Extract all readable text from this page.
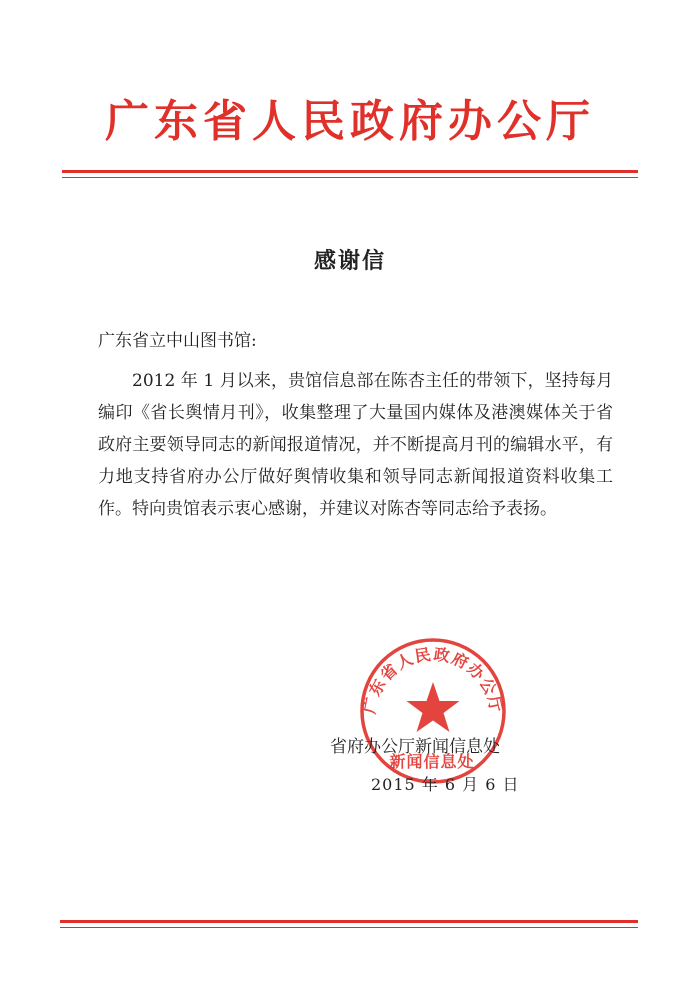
广东省人民政府办公厅
感谢信
广东省立中山图书馆:

2012 年 1 月以来，贵馆信息部在陈杏主任的带领下，坚持每月编印《省长舆情月刊》，收集整理了大量国内媒体及港澳媒体关于省政府主要领导同志的新闻报道情况，并不断提高月刊的编辑水平，有力地支持省府办公厅做好舆情收集和领导同志新闻报道资料收集工作。特向贵馆表示衷心感谢，并建议对陈杏等同志给予表扬。

广东省人民政府办公厅
新闻信息处
省府办公厅新闻信息处
2015 年 6 月 6 日
